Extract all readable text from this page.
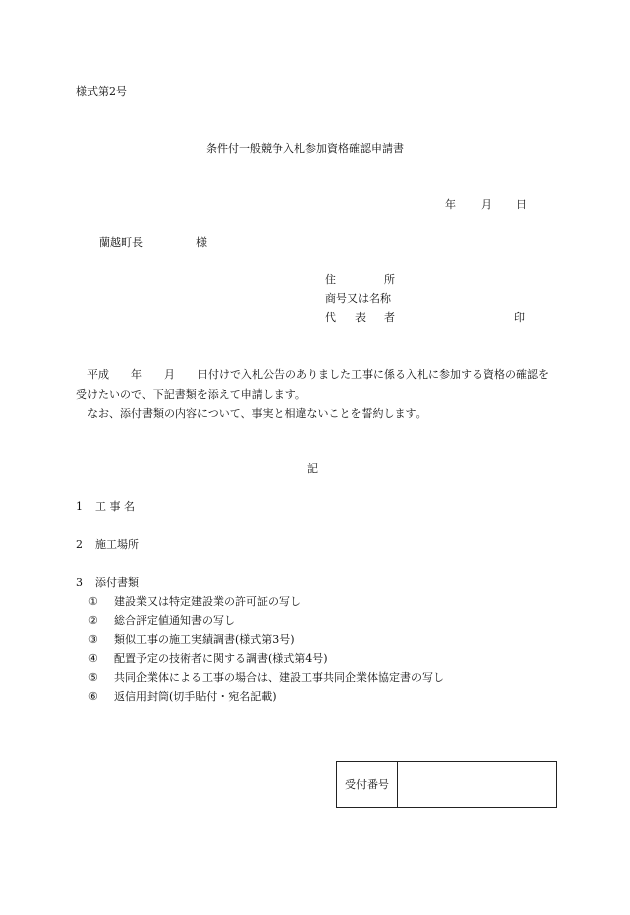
様式第2号
条件付一般競争入札参加資格確認申請書
年 月 日
蘭越町長	様
住	所
商号又は名称
代 表 者	印
　平成　　年　　月　　日付けで入札公告のありました工事に係る入札に参加する資格の確認を受けたいので、下記書類を添えて申請します。
　なお、添付書類の内容について、事実と相違ないことを誓約します。
記
1 工 事 名
2 施工場所
3 添付書類
① 建設業又は特定建設業の許可証の写し
② 総合評定値通知書の写し
③ 類似工事の施工実績調書(様式第3号)
④ 配置予定の技術者に関する調書(様式第4号)
⑤ 共同企業体による工事の場合は、建設工事共同企業体協定書の写し
⑥ 返信用封筒(切手貼付・宛名記載)
受付番号
